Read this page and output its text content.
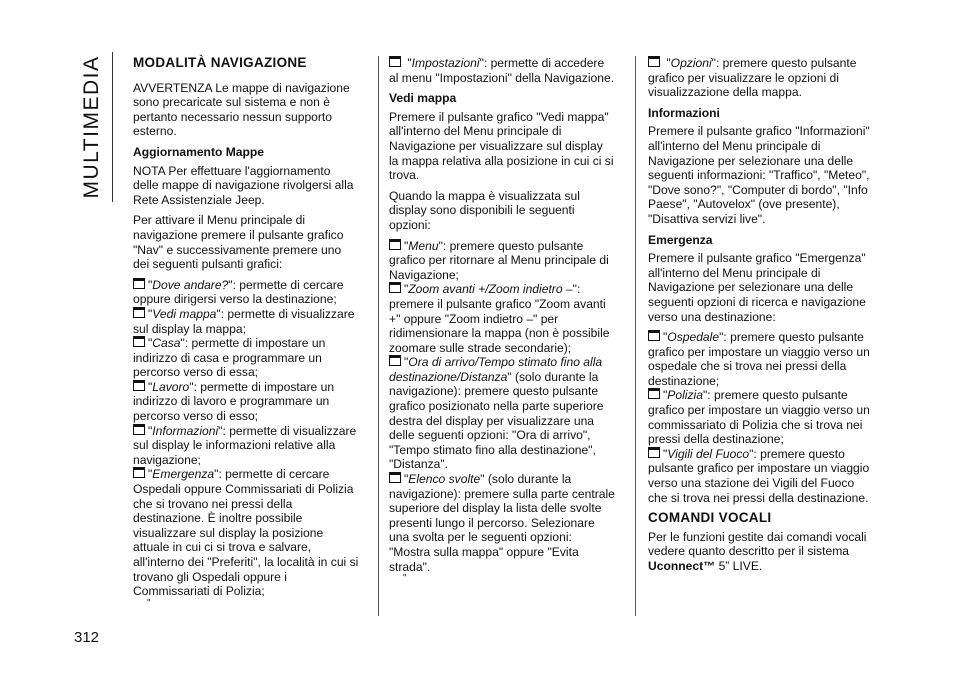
MULTIMEDIA
312

MODALITÀ NAVIGAZIONE

AVVERTENZA Le mappe di navigazione sono precaricate sul sistema e non è pertanto necessario nessun supporto esterno.

Aggiornamento Mappe

NOTA Per effettuare l'aggiornamento delle mappe di navigazione rivolgersi alla Rete Assistenziale Jeep.

Per attivare il Menu principale di navigazione premere il pulsante grafico "Nav" e successivamente premere uno dei seguenti pulsanti grafici:

"Dove andare?": permette di cercare oppure dirigersi verso la destinazione;

"Vedi mappa": permette di visualizzare sul display la mappa;

"Casa": permette di impostare un indirizzo di casa e programmare un percorso verso di essa;

"Lavoro": permette di impostare un indirizzo di lavoro e programmare un percorso verso di esso;

"Informazioni": permette di visualizzare sul display le informazioni relative alla navigazione;

"Emergenza": permette di cercare Ospedali oppure Commissariati di Polizia che si trovano nei pressi della destinazione. È inoltre possibile visualizzare sul display la posizione attuale in cui ci si trova e salvare, all'interno dei "Preferiti", la località in cui si trovano gli Ospedali oppure i Commissariati di Polizia;

"

"Impostazioni": permette di accedere al menu "Impostazioni" della Navigazione.

Vedi mappa

Premere il pulsante grafico "Vedi mappa" all'interno del Menu principale di Navigazione per visualizzare sul display la mappa relativa alla posizione in cui ci si trova.

Quando la mappa è visualizzata sul display sono disponibili le seguenti opzioni:

"Menu": premere questo pulsante grafico per ritornare al Menu principale di Navigazione;

"Zoom avanti +/Zoom indietro –": premere il pulsante grafico "Zoom avanti +" oppure "Zoom indietro –" per ridimensionare la mappa (non è possibile zoomare sulle strade secondarie);

"Ora di arrivo/Tempo stimato fino alla destinazione/Distanza" (solo durante la navigazione): premere questo pulsante grafico posizionato nella parte superiore destra del display per visualizzare una delle seguenti opzioni: "Ora di arrivo", "Tempo stimato fino alla destinazione", "Distanza".

"Elenco svolte" (solo durante la navigazione): premere sulla parte centrale superiore del display la lista delle svolte presenti lungo il percorso. Selezionare una svolta per le seguenti opzioni: "Mostra sulla mappa" oppure "Evita strada".

"

"Opzioni": premere questo pulsante grafico per visualizzare le opzioni di visualizzazione della mappa.

Informazioni

Premere il pulsante grafico "Informazioni" all'interno del Menu principale di Navigazione per selezionare una delle seguenti informazioni: "Traffico", "Meteo", "Dove sono?", "Computer di bordo", "Info Paese", "Autovelox" (ove presente), "Disattiva servizi live".

Emergenza

Premere il pulsante grafico "Emergenza" all'interno del Menu principale di Navigazione per selezionare una delle seguenti opzioni di ricerca e navigazione verso una destinazione:

"Ospedale": premere questo pulsante grafico per impostare un viaggio verso un ospedale che si trova nei pressi della destinazione;

"Polizia": premere questo pulsante grafico per impostare un viaggio verso un commissariato di Polizia che si trova nei pressi della destinazione;

"Vigili del Fuoco": premere questo pulsante grafico per impostare un viaggio verso una stazione dei Vigili del Fuoco che si trova nei pressi della destinazione.

COMANDI VOCALI

Per le funzioni gestite dai comandi vocali vedere quanto descritto per il sistema Uconnect™ 5” LIVE.
